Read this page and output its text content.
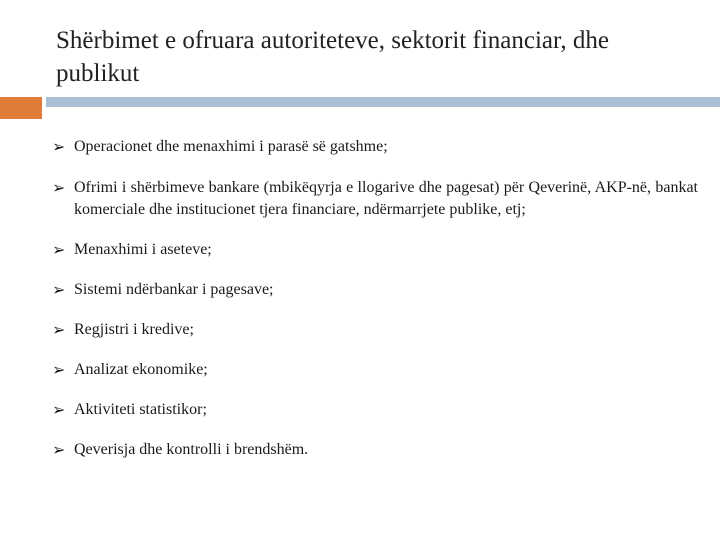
Shërbimet e ofruara autoriteteve, sektorit financiar, dhe publikut
➢ Operacionet dhe menaxhimi i parasë së gatshme;
➢ Ofrimi i shërbimeve bankare (mbikëqyrja e llogarive dhe pagesat) për Qeverinë, AKP-në, bankat komerciale dhe institucionet tjera financiare, ndërmarrjete publike, etj;
➢ Menaxhimi i aseteve;
➢ Sistemi ndërbankar i pagesave;
➢ Regjistri i kredive;
➢ Analizat ekonomike;
➢ Aktiviteti statistikor;
➢ Qeverisja dhe kontrolli i brendshëm.
